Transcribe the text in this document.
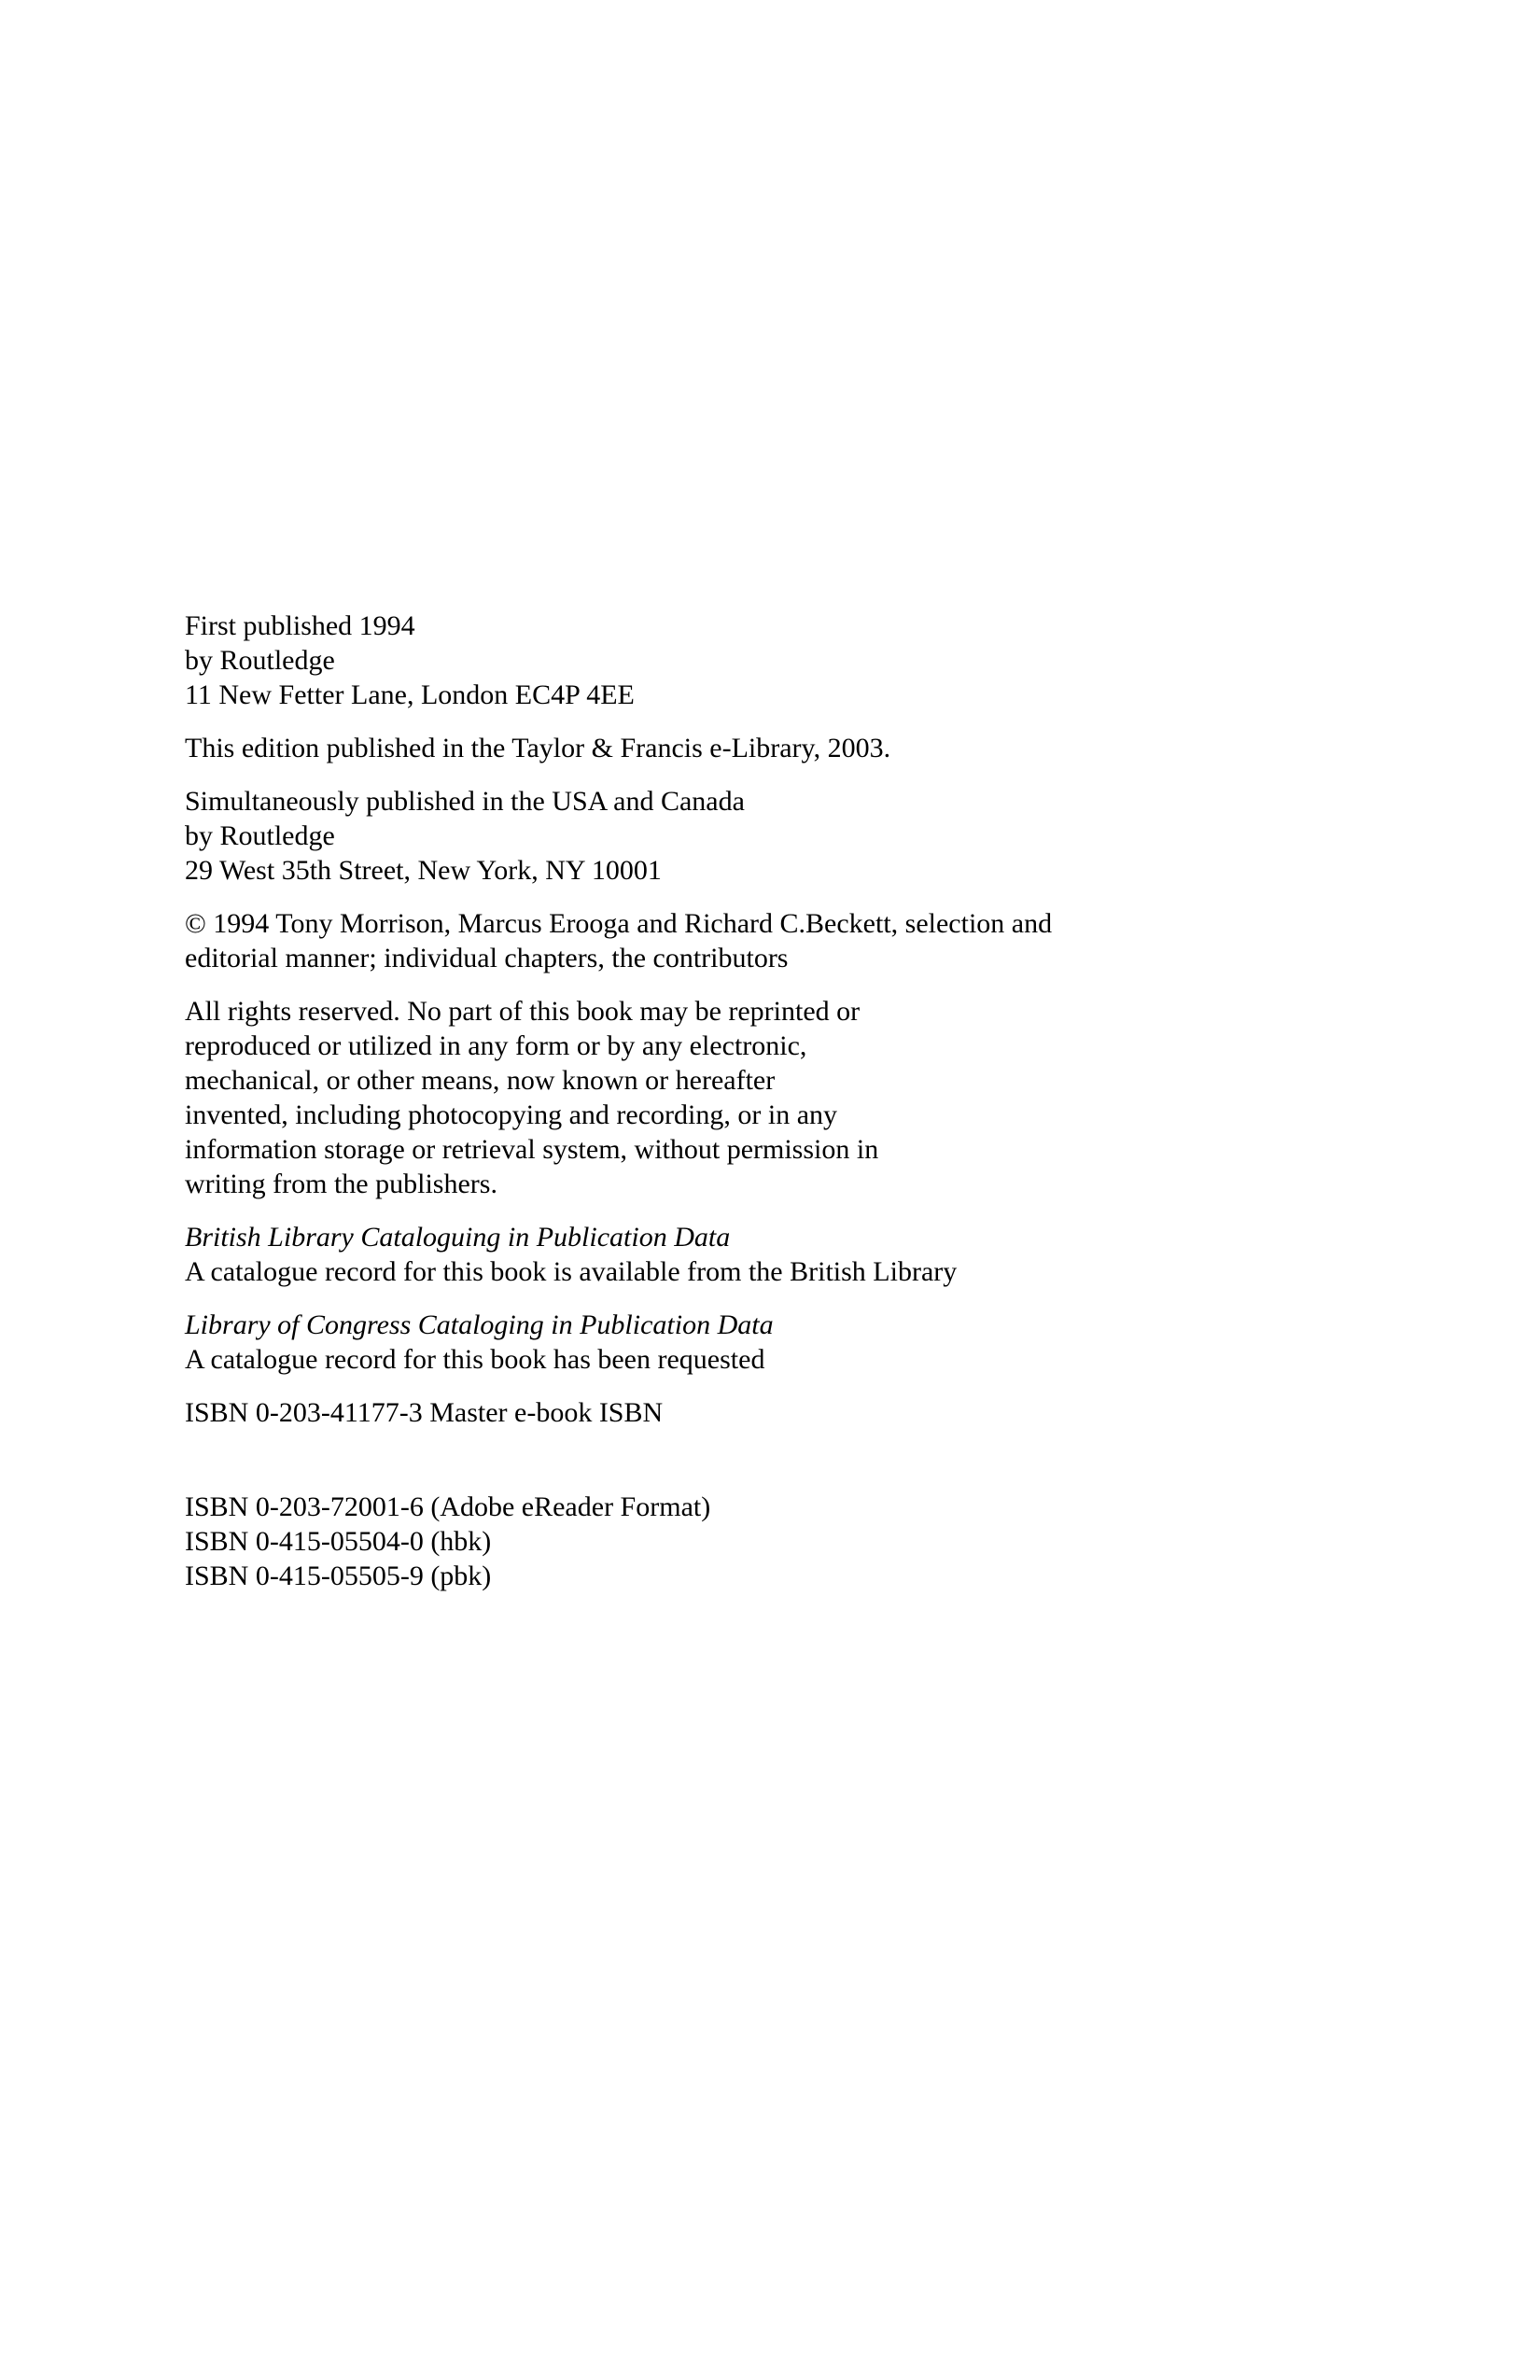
First published 1994
by Routledge
11 New Fetter Lane, London EC4P 4EE
This edition published in the Taylor & Francis e-Library, 2003.
Simultaneously published in the USA and Canada
by Routledge
29 West 35th Street, New York, NY 10001
© 1994 Tony Morrison, Marcus Erooga and Richard C.Beckett, selection and
editorial manner; individual chapters, the contributors
All rights reserved. No part of this book may be reprinted or
reproduced or utilized in any form or by any electronic,
mechanical, or other means, now known or hereafter
invented, including photocopying and recording, or in any
information storage or retrieval system, without permission in
writing from the publishers.
British Library Cataloguing in Publication Data
A catalogue record for this book is available from the British Library
Library of Congress Cataloging in Publication Data
A catalogue record for this book has been requested
ISBN 0-203-41177-3 Master e-book ISBN
ISBN 0-203-72001-6 (Adobe eReader Format)
ISBN 0-415-05504-0 (hbk)
ISBN 0-415-05505-9 (pbk)
